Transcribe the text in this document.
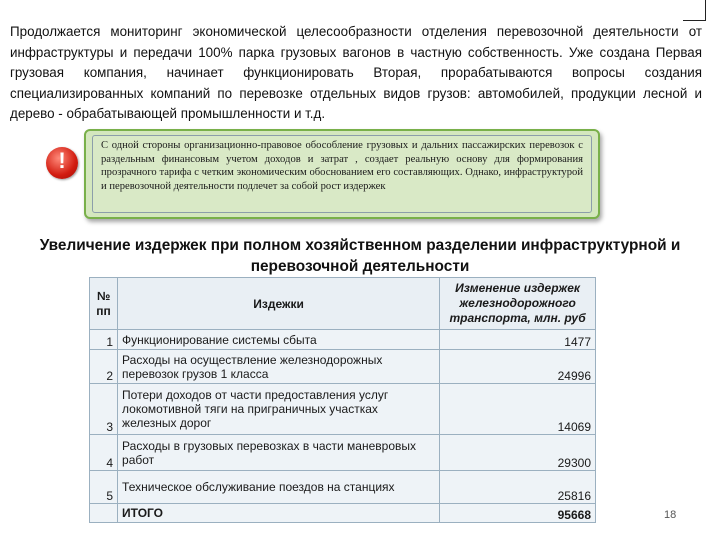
Продолжается мониторинг экономической целесообразности отделения перевозочной деятельности от инфраструктуры и передачи 100% парка грузовых вагонов в частную собственность. Уже создана Первая грузовая компания, начинает функционировать Вторая, прорабатываются вопросы создания специализированных компаний по перевозке отдельных видов грузов: автомобилей, продукции лесной и дерево - обрабатывающей промышленности и т.д.

!
С одной стороны организационно-правовое обособление грузовых и дальних пассажирских перевозок с раздельным финансовым учетом доходов и затрат , создает реальную основу для формирования прозрачного тарифа с четким экономическим обоснованием его составляющих. Однако, инфраструктурой и перевозочной деятельности подлечет за собой рост издержек
Увеличение издержек при полном хозяйственном разделении инфраструктурной и перевозочной деятельности
№ пп	Издежки	Изменение издержек железнодорожного транспорта, млн. руб
1	Функционирование системы сбыта	1477
2	Расходы на осуществление железнодорожных перевозок грузов 1 класса	24996
3	Потери доходов от части предоставления услуг локомотивной тяги на приграничных участках железных дорог	14069
4	Расходы в грузовых перевозках в части маневровых работ	29300
5	Техническое обслуживание поездов на станциях	25816
	ИТОГО	95668	18
